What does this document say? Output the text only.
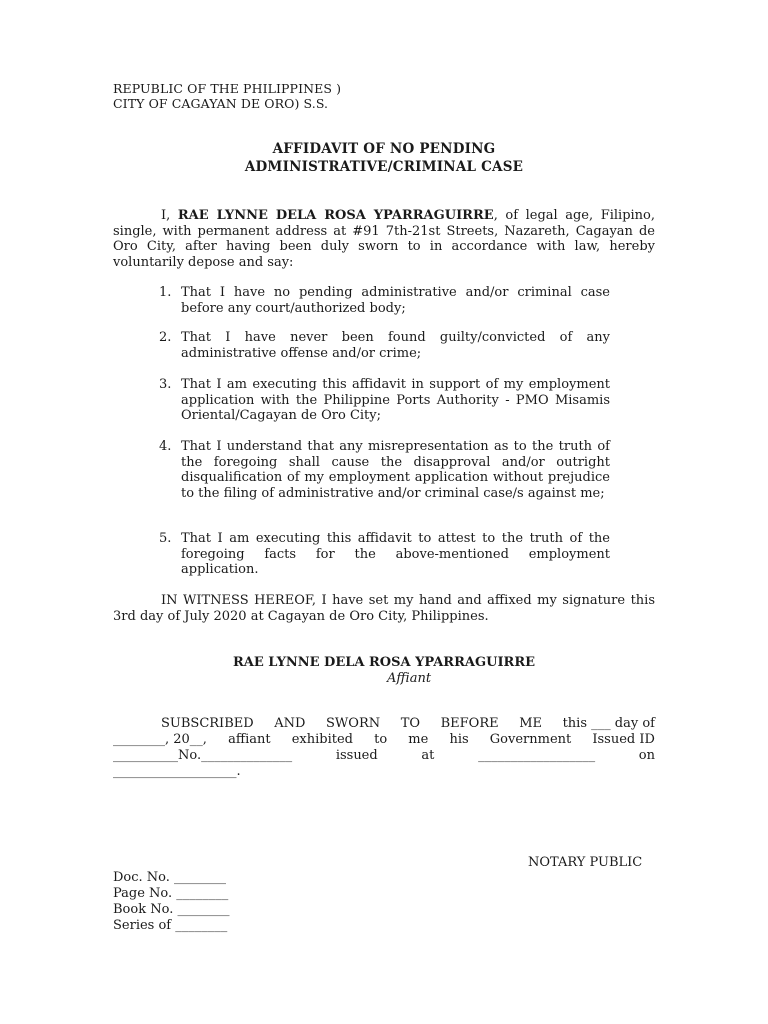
REPUBLIC OF THE PHILIPPINES )
CITY OF CAGAYAN DE ORO) S.S.
AFFIDAVIT OF NO PENDING
ADMINISTRATIVE/CRIMINAL CASE
I, RAE LYNNE DELA ROSA YPARRAGUIRRE, of legal age, Filipino, single, with permanent address at #91 7th-21st Streets, Nazareth, Cagayan de Oro City, after having been duly sworn to in accordance with law, hereby voluntarily depose and say:
1. That I have no pending administrative and/or criminal case before any court/authorized body;
2. That I have never been found guilty/convicted of any administrative offense and/or crime;
3. That I am executing this affidavit in support of my employment application with the Philippine Ports Authority - PMO Misamis Oriental/Cagayan de Oro City;
4. That I understand that any misrepresentation as to the truth of the foregoing shall cause the disapproval and/or outright disqualification of my employment application without prejudice to the filing of administrative and/or criminal case/s against me;
5. That I am executing this affidavit to attest to the truth of the foregoing facts for the above-mentioned employment application.
IN WITNESS HEREOF, I have set my hand and affixed my signature this 3rd day of July 2020 at Cagayan de Oro City, Philippines.
RAE LYNNE DELA ROSA YPARRAGUIRRE
Affiant
SUBSCRIBED AND SWORN TO BEFORE ME this ___ day of
________, 20__, affiant exhibited to me his Government Issued ID
__________No.______________	issued	at	__________________	on
___________________.
NOTARY PUBLIC
Doc. No. ________
Page No. ________
Book No. ________
Series of ________
